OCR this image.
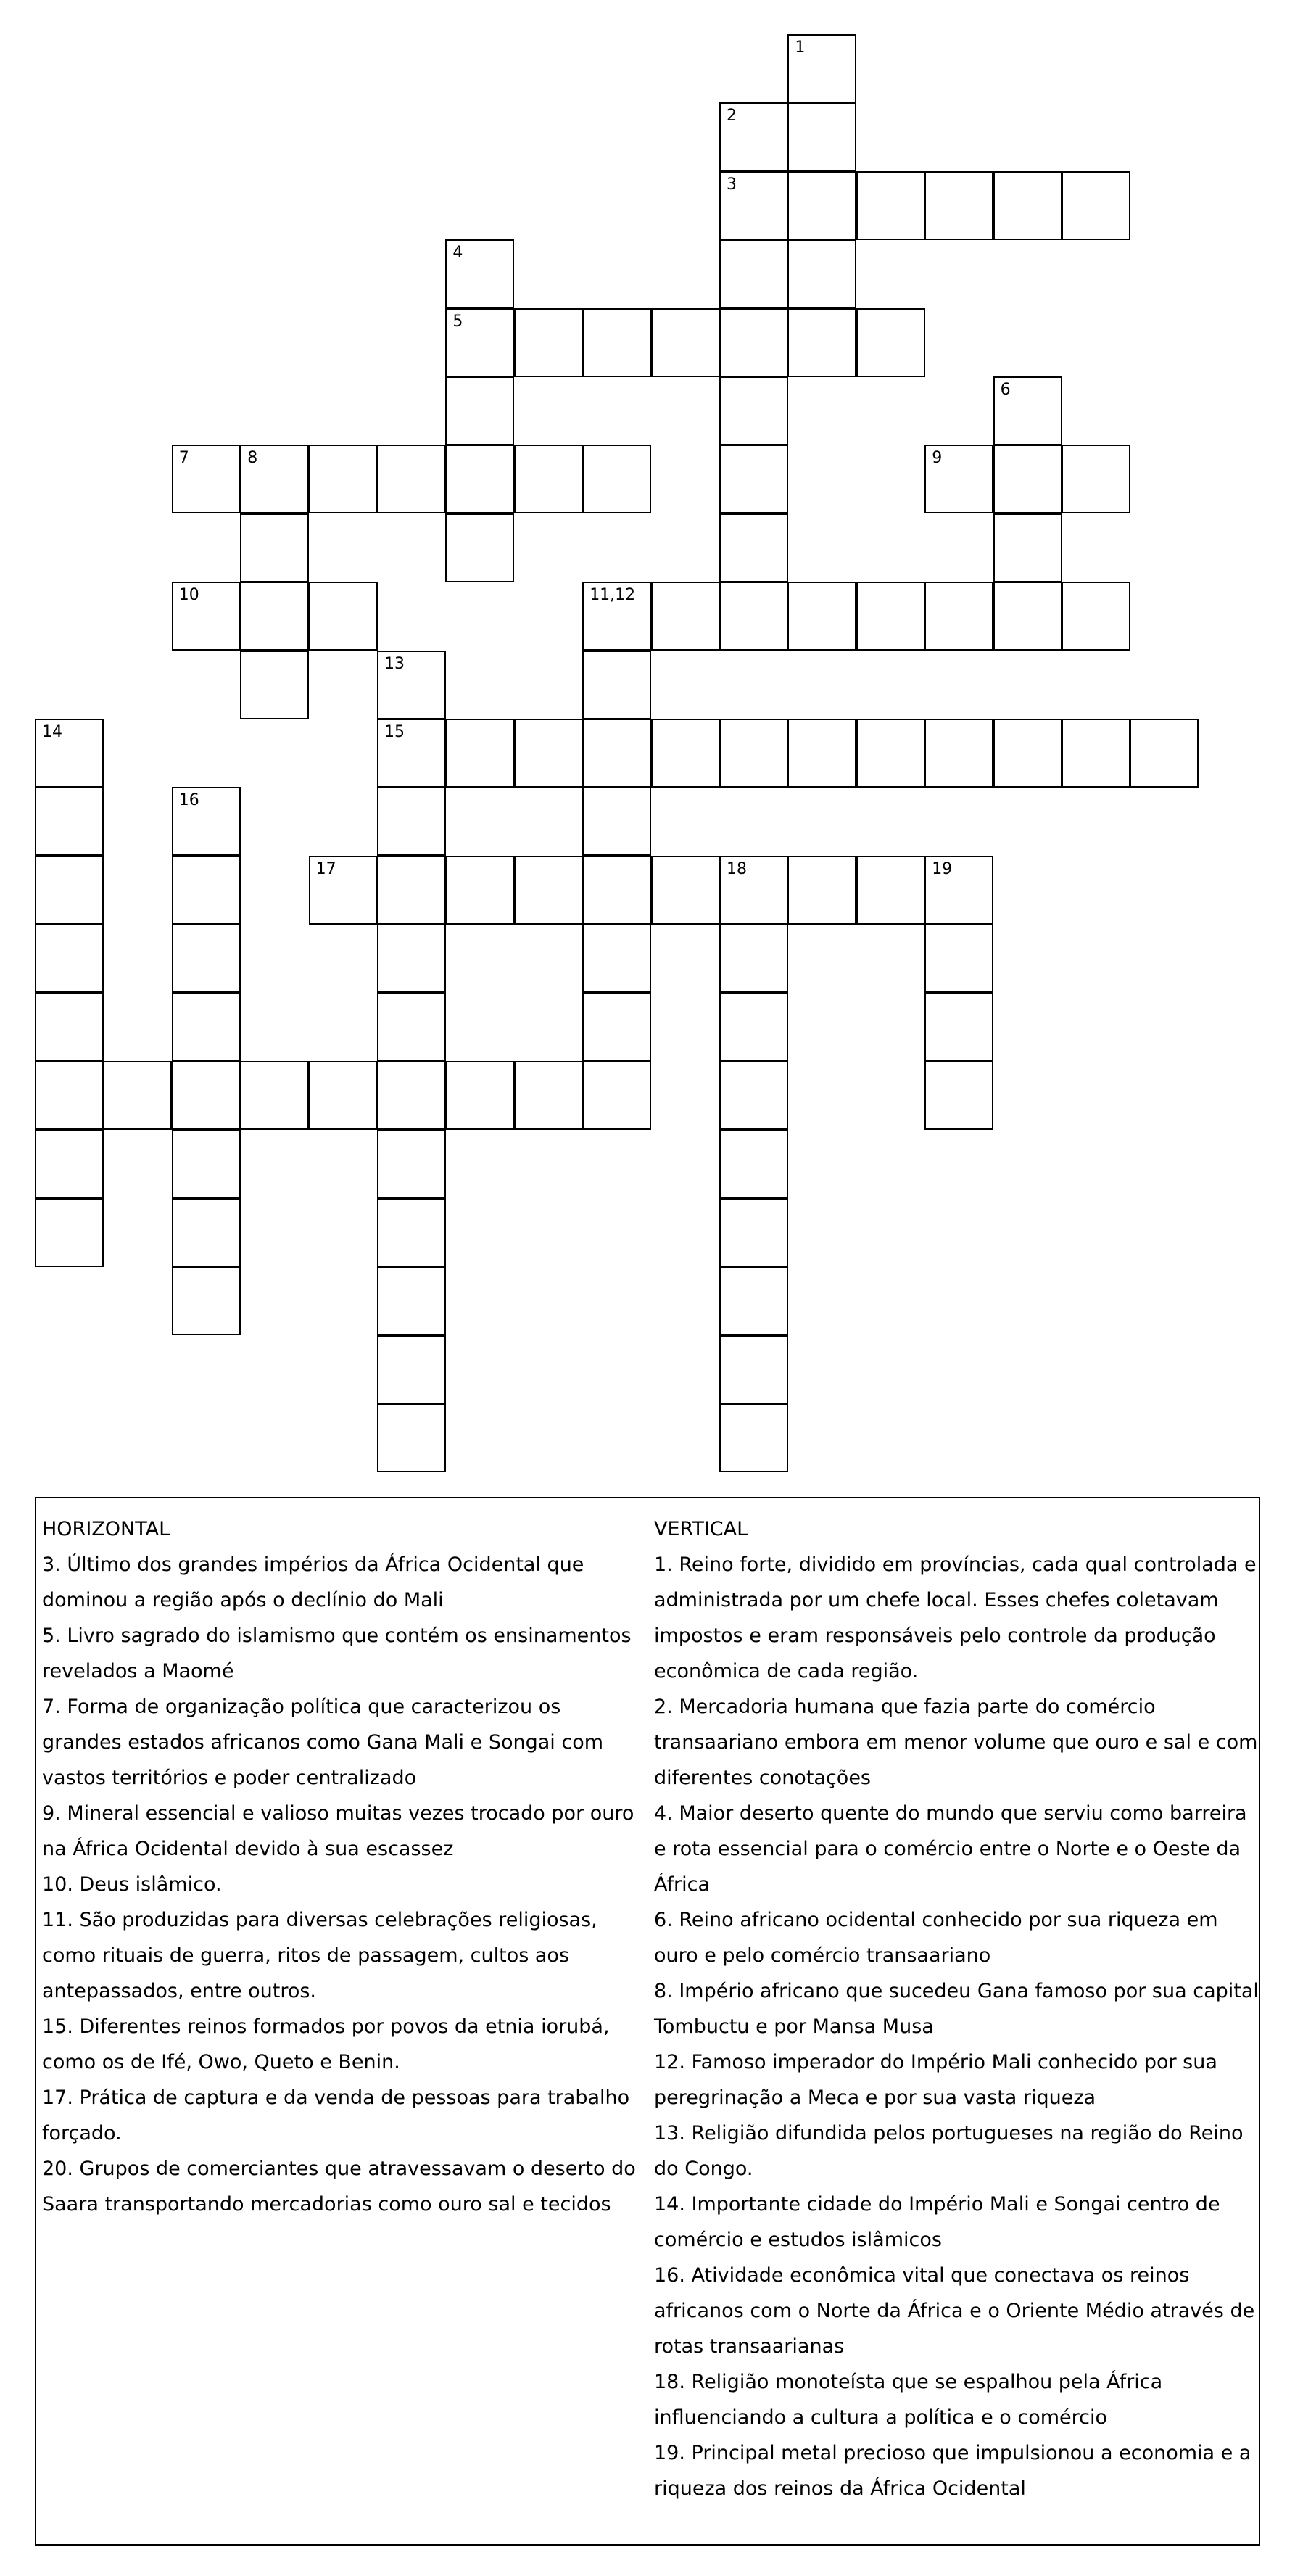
1
2
3
4
5
7	8
10
9
6
11,12
13
15
14
16
17	18	19

HORIZONTAL

3. Último dos grandes impérios da África Ocidental que dominou a região após o declínio do Mali

5. Livro sagrado do islamismo que contém os ensinamentos revelados a Maomé

7. Forma de organização política que caracterizou os grandes estados africanos como Gana Mali e Songai com vastos territórios e poder centralizado

9. Mineral essencial e valioso muitas vezes trocado por ouro na África Ocidental devido à sua escassez

10. Deus islâmico.

11. São produzidas para diversas celebrações religiosas, como rituais de guerra, ritos de passagem, cultos aos antepassados, entre outros.

15. Diferentes reinos formados por povos da etnia iorubá, como os de Ifé, Owo, Queto e Benin.

17. Prática de captura e da venda de pessoas para trabalho forçado.

20. Grupos de comerciantes que atravessavam o deserto do Saara transportando mercadorias como ouro sal e tecidos

VERTICAL

1. Reino forte, dividido em províncias, cada qual controlada e administrada por um chefe local. Esses chefes coletavam impostos e eram responsáveis pelo controle da produção econômica de cada região.

2. Mercadoria humana que fazia parte do comércio transaariano embora em menor volume que ouro e sal e com diferentes conotações

4. Maior deserto quente do mundo que serviu como barreira e rota essencial para o comércio entre o Norte e o Oeste da África

6. Reino africano ocidental conhecido por sua riqueza em ouro e pelo comércio transaariano

8. Império africano que sucedeu Gana famoso por sua capital Tombuctu e por Mansa Musa

12. Famoso imperador do Império Mali conhecido por sua peregrinação a Meca e por sua vasta riqueza

13. Religião difundida pelos portugueses na região do Reino do Congo.

14. Importante cidade do Império Mali e Songai centro de comércio e estudos islâmicos

16. Atividade econômica vital que conectava os reinos africanos com o Norte da África e o Oriente Médio através de rotas transaarianas

18. Religião monoteísta que se espalhou pela África influenciando a cultura a política e o comércio

19. Principal metal precioso que impulsionou a economia e a riqueza dos reinos da África Ocidental
